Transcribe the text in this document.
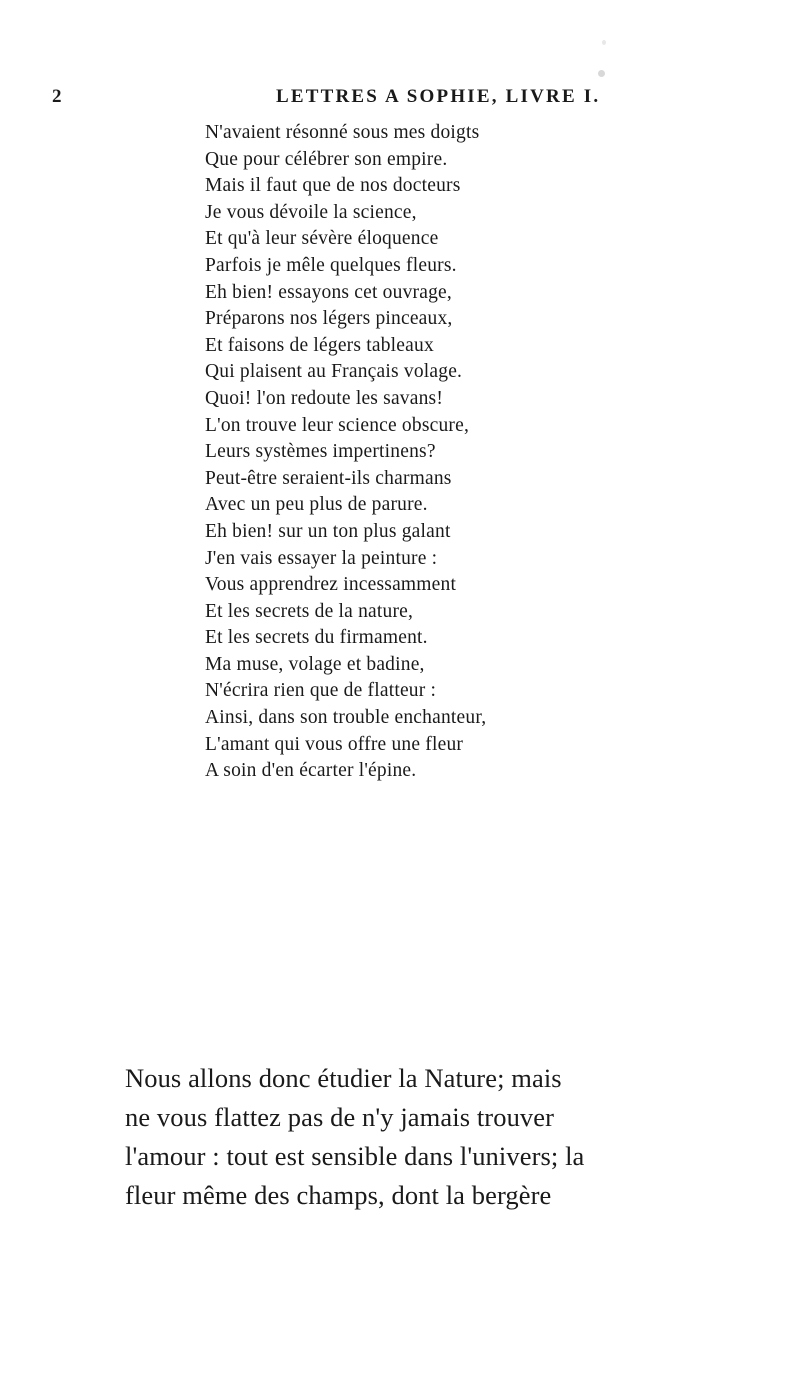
2	LETTRES A SOPHIE, LIVRE I.
N'avaient résonné sous mes doigts
Que pour célébrer son empire.
Mais il faut que de nos docteurs
Je vous dévoile la science,
Et qu'à leur sévère éloquence
Parfois je mêle quelques fleurs.
Eh bien! essayons cet ouvrage,
Préparons nos légers pinceaux,
Et faisons de légers tableaux
Qui plaisent au Français volage.
Quoi! l'on redoute les savans!
L'on trouve leur science obscure,
Leurs systèmes impertinens?
Peut-être seraient-ils charmans
Avec un peu plus de parure.
Eh bien! sur un ton plus galant
J'en vais essayer la peinture :
Vous apprendrez incessamment
Et les secrets de la nature,
Et les secrets du firmament.
Ma muse, volage et badine,
N'écrira rien que de flatteur :
Ainsi, dans son trouble enchanteur,
L'amant qui vous offre une fleur
A soin d'en écarter l'épine.
Nous allons donc étudier la Nature; mais
ne vous flattez pas de n'y jamais trouver
l'amour : tout est sensible dans l'univers; la
fleur même des champs, dont la bergère
